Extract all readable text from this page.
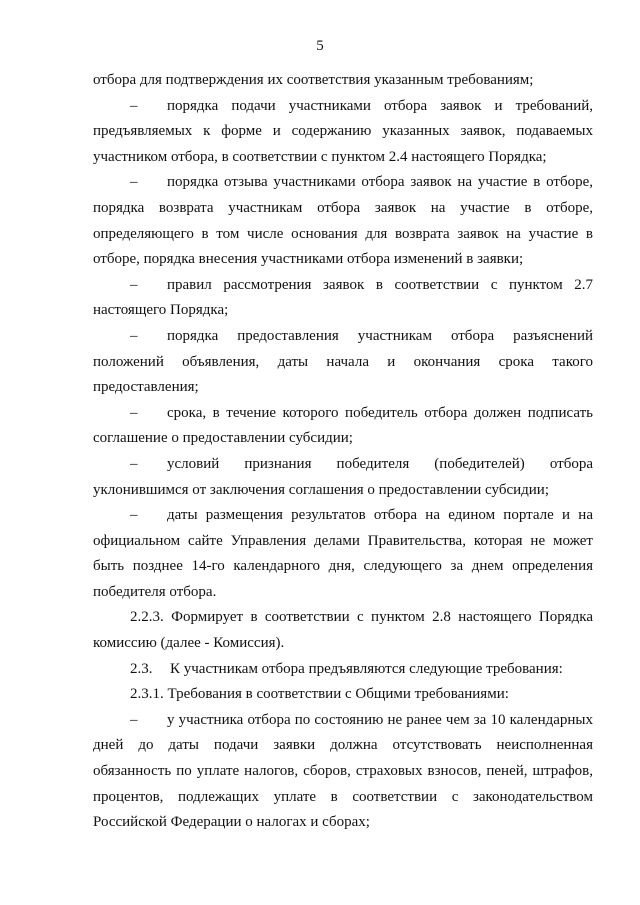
5

отбора для подтверждения их соответствия указанным требованиям;

– порядка подачи участниками отбора заявок и требований, предъявляемых к форме и содержанию указанных заявок, подаваемых участником отбора, в соответствии с пунктом 2.4 настоящего Порядка;

– порядка отзыва участниками отбора заявок на участие в отборе, порядка возврата участникам отбора заявок на участие в отборе, определяющего в том числе основания для возврата заявок на участие в отборе, порядка внесения участниками отбора изменений в заявки;

– правил рассмотрения заявок в соответствии с пунктом 2.7 настоящего Порядка;

– порядка предоставления участникам отбора разъяснений положений объявления, даты начала и окончания срока такого предоставления;

– срока, в течение которого победитель отбора должен подписать соглашение о предоставлении субсидии;

– условий признания победителя (победителей) отбора уклонившимся от заключения соглашения о предоставлении субсидии;

– даты размещения результатов отбора на едином портале и на официальном сайте Управления делами Правительства, которая не может быть позднее 14-го календарного дня, следующего за днем определения победителя отбора.

2.2.3. Формирует в соответствии с пунктом 2.8 настоящего Порядка комиссию (далее - Комиссия).

2.3. К участникам отбора предъявляются следующие требования:

2.3.1. Требования в соответствии с Общими требованиями:

– у участника отбора по состоянию не ранее чем за 10 календарных дней до даты подачи заявки должна отсутствовать неисполненная обязанность по уплате налогов, сборов, страховых взносов, пеней, штрафов, процентов, подлежащих уплате в соответствии с законодательством Российской Федерации о налогах и сборах;
